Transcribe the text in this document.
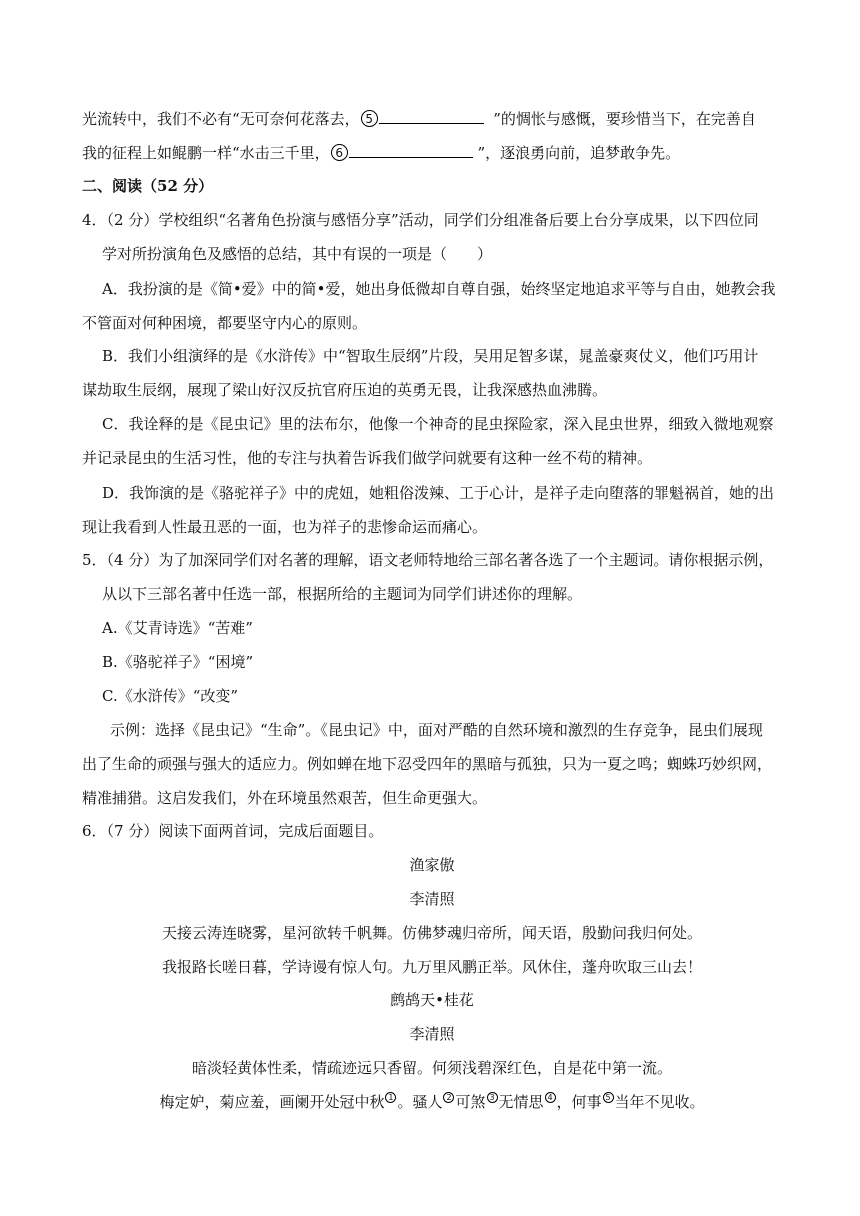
光流转中，我们不必有“无可奈何花落去， 5	”的惆怅与感慨，要珍惜当下，在完善自
我的征程上如鲲鹏一样“水击三千里， 6	”，逐浪勇向前，追梦敢争先。
二、阅读（52 分）
4．（2 分）学校组织“名著角色扮演与感悟分享”活动，同学们分组准备后要上台分享成果，以下四位同
学对所扮演角色及感悟的总结，其中有误的一项是（　　）
A．我扮演的是《简•爱》中的简•爱，她出身低微却自尊自强，始终坚定地追求平等与自由，她教会我
不管面对何种困境，都要坚守内心的原则。
B．我们小组演绎的是《水浒传》中“智取生辰纲”片段，吴用足智多谋，晁盖豪爽仗义，他们巧用计
谋劫取生辰纲，展现了梁山好汉反抗官府压迫的英勇无畏，让我深感热血沸腾。
C．我诠释的是《昆虫记》里的法布尔，他像一个神奇的昆虫探险家，深入昆虫世界，细致入微地观察
并记录昆虫的生活习性，他的专注与执着告诉我们做学问就要有这种一丝不苟的精神。
D．我饰演的是《骆驼祥子》中的虎妞，她粗俗泼辣、工于心计，是祥子走向堕落的罪魁祸首，她的出
现让我看到人性最丑恶的一面，也为祥子的悲惨命运而痛心。
5．（4 分）为了加深同学们对名著的理解，语文老师特地给三部名著各选了一个主题词。请你根据示例，
从以下三部名著中任选一部，根据所给的主题词为同学们讲述你的理解。
A.《艾青诗选》“苦难”
B.《骆驼祥子》“困境”
C.《水浒传》“改变”
示例：选择《昆虫记》“生命”。《昆虫记》中，面对严酷的自然环境和激烈的生存竞争，昆虫们展现
出了生命的顽强与强大的适应力。例如蝉在地下忍受四年的黑暗与孤独，只为一夏之鸣；蜘蛛巧妙织网，
精准捕猎。这启发我们，外在环境虽然艰苦，但生命更强大。
6．（7 分）阅读下面两首词，完成后面题目。
渔家傲
李清照
天接云涛连晓雾，星河欲转千帆舞。仿佛梦魂归帝所，闻天语，殷勤问我归何处。
我报路长嗟日暮，学诗谩有惊人句。九万里风鹏正举。风休住，蓬舟吹取三山去！
鹧鸪天•桂花
李清照
暗淡轻黄体性柔，情疏迹远只香留。何须浅碧深红色，自是花中第一流。
梅定妒，菊应羞，画阑开处冠中秋 1 。骚人 2 可煞 3 无情思 4 ，何事 5 当年不见收。
